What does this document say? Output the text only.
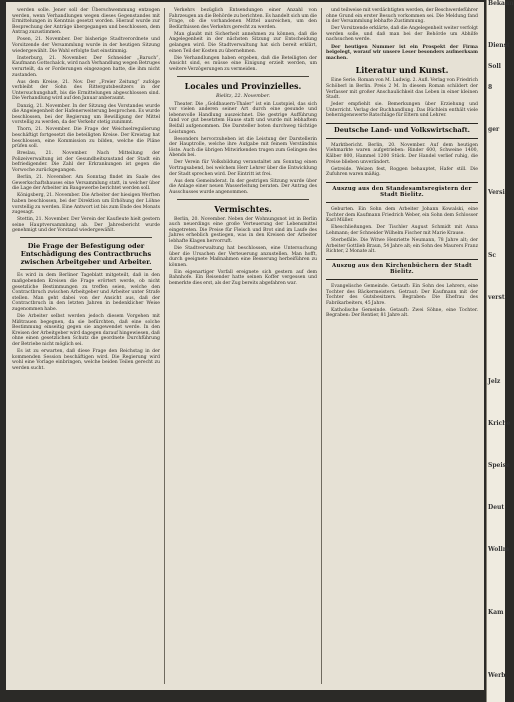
werden solle. Jener soll der Überschwemmung entzogen werden, wenn Verhandlungen wegen dieses Gegenstandes mit Ermittelungen in Kenntnis gesetzt worden. Hierauf wurde zur Besprechung der Anträge übergegangen und beschlossen, dem Antrag zuzustimmen.

Posen, 21. November. Der bisherige Stadtverordnete und Vorsitzende der Versammlung wurde in der heutigen Sitzung wiedergewählt. Die Wahl erfolgte fast einstimmig.

Insterburg, 21. November. Der Schneider „Baruch“, Kaufmann Gottschalck, wird nach Verhandlung wegen Betruges verurteilt, da er Forderungen eingezogen hatte, die ihm nicht zustanden.

Aus dem Kreise, 21. Nov. Der „Freier Zeitung“ zufolge verbleibt der Sohn des Rittergutsbesitzers in der Untersuchungshaft, bis die Ermittelungen abgeschlossen sind. Die Verhandlung wird auf den Januar anberaumt.

Danzig, 21. November. In der Sitzung des Vorstandes wurde die Angelegenheit der Hafenerweiterung besprochen. Es wurde beschlossen, bei der Regierung um Bewilligung der Mittel vorstellig zu werden, da der Verkehr stetig zunimmt.

Thorn, 21. November. Die Frage der Weichselregulierung beschäftigt fortgesetzt die beteiligten Kreise. Der Kreistag hat beschlossen, eine Kommission zu bilden, welche die Pläne prüfen soll.

Breslau, 21. November. Nach Mitteilung der Polizeiverwaltung ist der Gesundheitszustand der Stadt ein befriedigender. Die Zahl der Erkrankungen ist gegen die Vorwoche zurückgegangen.

Berlin, 21. November. Am Sonntag findet im Saale des Gewerkschaftshauses eine Versammlung statt, in welcher über die Lage der Arbeiter im Baugewerbe berichtet werden soll.

Königsberg, 21. November. Die Arbeiter der hiesigen Werften haben beschlossen, bei der Direktion um Erhöhung der Löhne vorstellig zu werden. Eine Antwort ist bis zum Ende des Monats zugesagt.

Stettin, 21. November. Der Verein der Kaufleute hielt gestern seine Hauptversammlung ab. Der Jahresbericht wurde genehmigt und der Vorstand wiedergewählt.

Die Frage der Befestigung oder Entschädigung des Contractbruchs zwischen Arbeitgeber und Arbeiter.

Es wird in dem Berliner Tageblatt mitgeteilt, daß in den maßgebenden Kreisen die Frage erörtert werde, ob nicht gesetzliche Bestimmungen zu treffen seien, welche den Contractbruch zwischen Arbeitgeber und Arbeiter unter Strafe stellen. Man geht dabei von der Ansicht aus, daß der Contractbruch in den letzten Jahren in bedenklicher Weise zugenommen habe.

Die Arbeiter selbst werden jedoch diesem Vorgehen mit Mißtrauen begegnen, da sie befürchten, daß eine solche Bestimmung einseitig gegen sie angewendet werde. In den Kreisen der Arbeitgeber wird dagegen darauf hingewiesen, daß ohne einen gesetzlichen Schutz die geordnete Durchführung der Betriebe nicht möglich sei.

Es ist zu erwarten, daß diese Frage den Reichstag in der kommenden Session beschäftigen wird. Die Regierung wird wohl eine Vorlage einbringen, welche beiden Teilen gerecht zu werden sucht.

Verkehrs bezüglich Entsendungen einer Anzahl von Fahrzeugen an die Behörde zu berichten. Es handelt sich um die Frage, ob die vorhandenen Mittel ausreichen, um den Bedürfnissen des Verkehrs gerecht zu werden.

Man glaubt mit Sicherheit annehmen zu können, daß die Angelegenheit in der nächsten Sitzung zur Entscheidung gelangen wird. Die Stadtverwaltung hat sich bereit erklärt, einen Teil der Kosten zu übernehmen.

Die Verhandlungen haben ergeben, daß die Beteiligten der Ansicht sind, es müsse eine Einigung erzielt werden, um weitere Verzögerungen zu vermeiden.

Locales und Provinzielles.
Bielitz, 22. November.

Theater. Die „Goldbauern-Thaler“ ist ein Lustspiel, das sich vor vielen anderen seiner Art durch eine gesunde und lebensvolle Handlung auszeichnet. Die gestrige Aufführung fand vor gut besetztem Hause statt und wurde mit lebhaftem Beifall aufgenommen. Die Darsteller boten durchweg tüchtige Leistungen.

Besonders hervorzuheben ist die Leistung der Darstellerin der Hauptrolle, welche ihre Aufgabe mit feinem Verständnis löste. Auch die übrigen Mitwirkenden trugen zum Gelingen des Abends bei.

Der Verein für Volksbildung veranstaltet am Sonntag einen Vortragsabend, bei welchem Herr Lehrer über die Entwicklung der Stadt sprechen wird. Der Eintritt ist frei.

Aus dem Gemeinderat. In der gestrigen Sitzung wurde über die Anlage einer neuen Wasserleitung beraten. Der Antrag des Ausschusses wurde angenommen.

Vermischtes.

Berlin, 20. November. Neben der Wohnungsnot ist in Berlin auch neuerdings eine große Verteuerung der Lebensmittel eingetreten. Die Preise für Fleisch und Brot sind im Laufe des Jahres erheblich gestiegen, was in den Kreisen der Arbeiter lebhafte Klagen hervorruft.

Die Stadtverwaltung hat beschlossen, eine Untersuchung über die Ursachen der Verteuerung anzustellen. Man hofft, durch geeignete Maßnahmen eine Besserung herbeiführen zu können.

Ein eigenartiger Vorfall ereignete sich gestern auf dem Bahnhofe. Ein Reisender hatte seinen Koffer vergessen und bemerkte dies erst, als der Zug bereits abgefahren war.

und teilweise mit verdächtigten werden, der Beschwerdeführer ohne Grund ein erster Besuch vorkommen sei. Die Meldung fand in der Versammlung lebhafte Zustimmung.

Der Vorsitzende erklärte, daß die Angelegenheit weiter verfolgt werden solle, und daß man bei der Behörde um Abhilfe nachsuchen werde.

Der heutigen Nummer ist ein Prospekt der Firma beigelegt, worauf wir unsere Leser besonders aufmerksam machen.

Literatur und Kunst.

Eine Serie. Roman von M. Ludwig. 2. Aufl. Verlag von Friedrich Schöberl in Berlin. Preis 2 M. In diesem Roman schildert der Verfasser mit großer Anschaulichkeit das Leben in einer kleinen Stadt.

Jeder empfiehlt sie. Bemerkungen über Erziehung und Unterricht. Verlag der Buchhandlung. Das Büchlein enthält viele beherzigenswerte Ratschläge für Eltern und Lehrer.

Deutsche Land- und Volkswirtschaft.

Marktbericht. Berlin, 20. November. Auf dem heutigen Viehmarkte waren aufgetrieben: Rinder 600, Schweine 1400, Kälber 800, Hammel 1200 Stück. Der Handel verlief ruhig, die Preise blieben unverändert.

Getreide. Weizen fest, Roggen behauptet, Hafer still. Die Zufuhren waren mäßig.

Auszug aus den Standesamtsregistern der Stadt Bielitz.

Geburten. Ein Sohn dem Arbeiter Johann Kowalski, eine Tochter dem Kaufmann Friedrich Weber, ein Sohn dem Schlosser Karl Müller.

Eheschließungen. Der Tischler August Schmidt mit Anna Lehmann; der Schneider Wilhelm Fischer mit Marie Krause.

Sterbefälle. Die Witwe Henriette Neumann, 78 Jahre alt; der Arbeiter Gottlieb Braun, 54 Jahre alt; ein Sohn des Maurers Franz Richter, 2 Monate alt.

Auszug aus den Kirchenbüchern der Stadt Bielitz.

Evangelische Gemeinde. Getauft: Ein Sohn des Lehrers, eine Tochter des Bäckermeisters. Getraut: Der Kaufmann mit der Tochter des Gutsbesitzers. Begraben: Die Ehefrau des Fabrikarbeiters, 45 Jahre.

Katholische Gemeinde. Getauft: Zwei Söhne, eine Tochter. Begraben: Der Rentier, 81 Jahre alt.

Bekann
Dienst
Soll
8
ger
Versi
Sc
verst
Jelz
Kriche
Speise
Deut
Wollm
Kam
Werb
